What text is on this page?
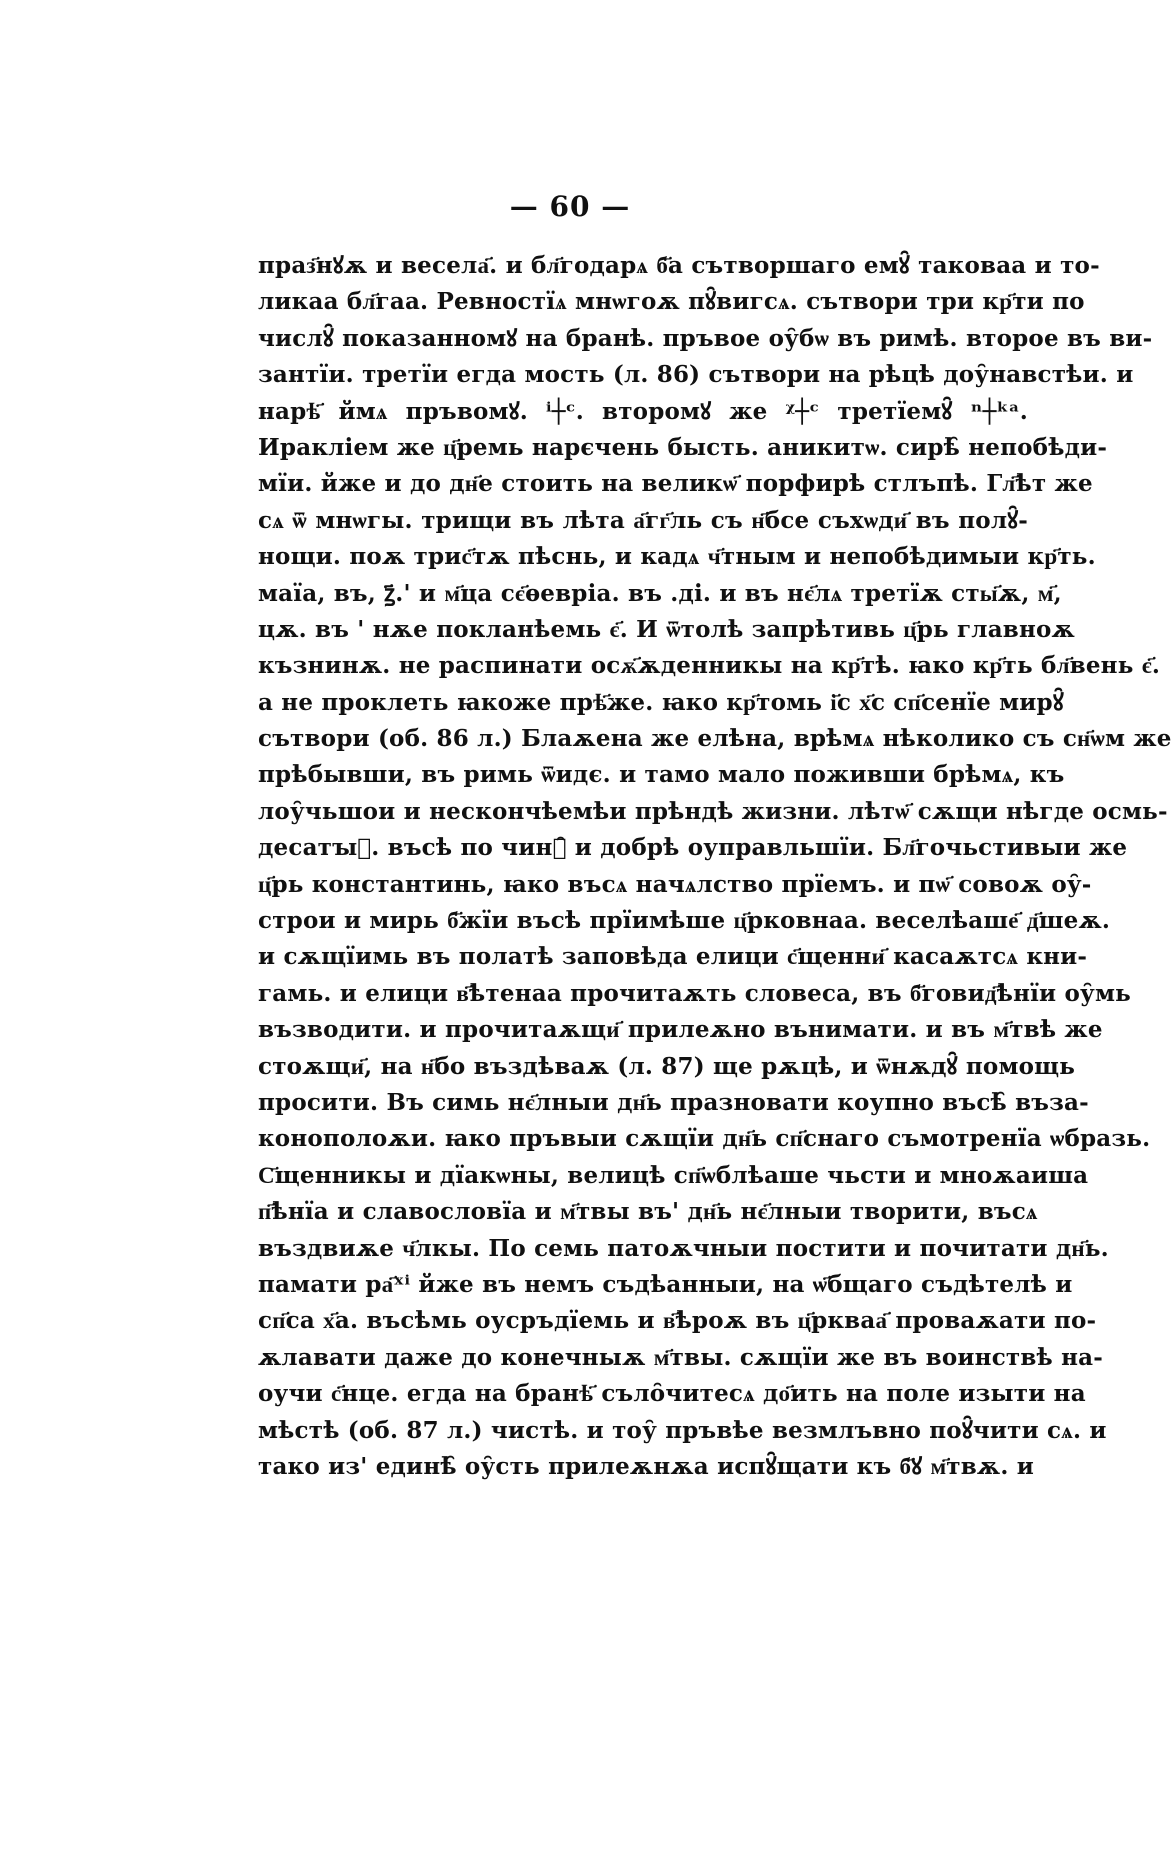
— 60 —
праз҃нꙋѫ и весела҃. и бл҃годарѧ б҃а сътворшаго емꙋ̑ таковаа и то-
ликаа бл҃гаа. Ревностїѧ мнѡгоѫ пꙋ̑вигсѧ. сътвори три кр҃ти по
числꙋ̑ показанномꙋ на бранѣ. пръвое оу̑бѡ въ римѣ. второе въ ви-
зантїи. третїи егда мость (л. 86) сътвори на рѣцѣ доу̑навстѣи. и
нарѣ҃ ймѧ пръвомꙋ. ⁱ┼ᶜ. второмꙋ же ᵡ┼ᶜ третїемꙋ̑ ⁿ┼ᵏᵃ.
Иракліем же ц҃ремь нарєчень бысть. аникитѡ. сирѣ̑ непобѣди-
мїи. йже и до дн҃е стоить на великѡ҃ порфирѣ стлъпѣ. Гл҃ѣт же
сѧ ѿ мнѡгы. трищи въ лѣта а҃гг҃ль съ н҃бсе съхѡди҃ въ полꙋ̑-
нощи. поѫ трис҃тѫ пѣснь, и кадѧ ч҃тным и непобѣдимыи кр҃ть.
маїа, въ, ꙁ҃.' и м҃ца сє҃ѳевріа. въ .ді. и въ нє҃лѧ третїѫ сты҃ѫ, м҃,
цѫ. въ ' нѫе покланѣемь є҃. И ѿтолѣ запрѣтивь ц҃рь главноѫ
къзнинѫ. не распинати осѫ҃ѫденникы на кр҃тѣ. ꙗко кр҃ть бл҃вень є҃.
а не проклеть ꙗкоже прѣ҃же. ꙗко кр҃томь і҃с х҃с сп҃сенїе мирꙋ̑
сътвори (об. 86 л.) Блаѫена же елѣна, врѣмѧ нѣколико съ сн҃ѡм же
прѣбывши, въ римь ѿидє. и тамо мало поживши брѣмѧ, къ
лоу̑чьшои и нескончѣемѣи прѣндѣ жизни. лѣтѡ҃ сѫщи нѣгде осмь-
десатꙑ҃. въсѣ по чинꙋ̑ и добрѣ оуправльшїи. Бл҃гочьстивыи же
ц҃рь константинь, ꙗко въсѧ начѧлство прїемъ. и пѡ҃ совоѫ оу̑-
строи и мирь б҃жїи въсѣ прїимѣше ц҃рковнаа. веселѣаше҃ д҃шеѫ.
и сѫщїимь въ полатѣ заповѣда елици с҃щенни҃ касаѫтсѧ кни-
гамь. и елици в҃ѣтенаа прочитаѫть словеса, въ б҃говид҃ѣнїи оу̑мь
възводити. и прочитаѫщи҃ прилеѫно вънимати. и въ м҃твѣ же
стоѫщи҃, на н҃бо въздѣваѫ (л. 87) ще рѫцѣ, и ѿнѫдꙋ̑ помощь
просити. Въ симь нє҃лныи дн҃ь празновати коупно въсѣ̑ въза-
конопoлоѫи. ꙗко пръвыи сѫщїи дн҃ь сп҃снаго съмотренїа ѡбразь.
С҃щенникы и дїакѡны, велицѣ сп҃ѡблѣаше чьсти и мноѫаиша
п҃ѣнїа и славословїа и м҃твы въ' дн҃ь нє҃лныи творити, въсѧ
въздвиѫе ч҃лкы. По семь патоѫчныи постити и почитати дн҃ь.
памати ра҃ˣⁱ йже въ немъ съдѣанныи, на ѡ҃бщаго съдѣтелѣ и
сп҃са х҃а. въсѣмь оусръдїемь и в҃ѣроѫ въ ц҃ркваа҃ проваѫати по-
ѫлавати даже до конечныѫ м҃твы. сѫщїи же въ воинствѣ на-
оучи с҃нце. егда на бранѣ҃ съло̑читесѧ до҃ить на поле изыти на
мѣстѣ (об. 87 л.) чистѣ. и тоу̑ пръвѣе везмлъвно поꙋ̑чити сѧ. и
тако из' единѣ̑ оу̑сть прилеѫнѫа испꙋ̑щати къ б҃ꙋ м҃твѫ. и
